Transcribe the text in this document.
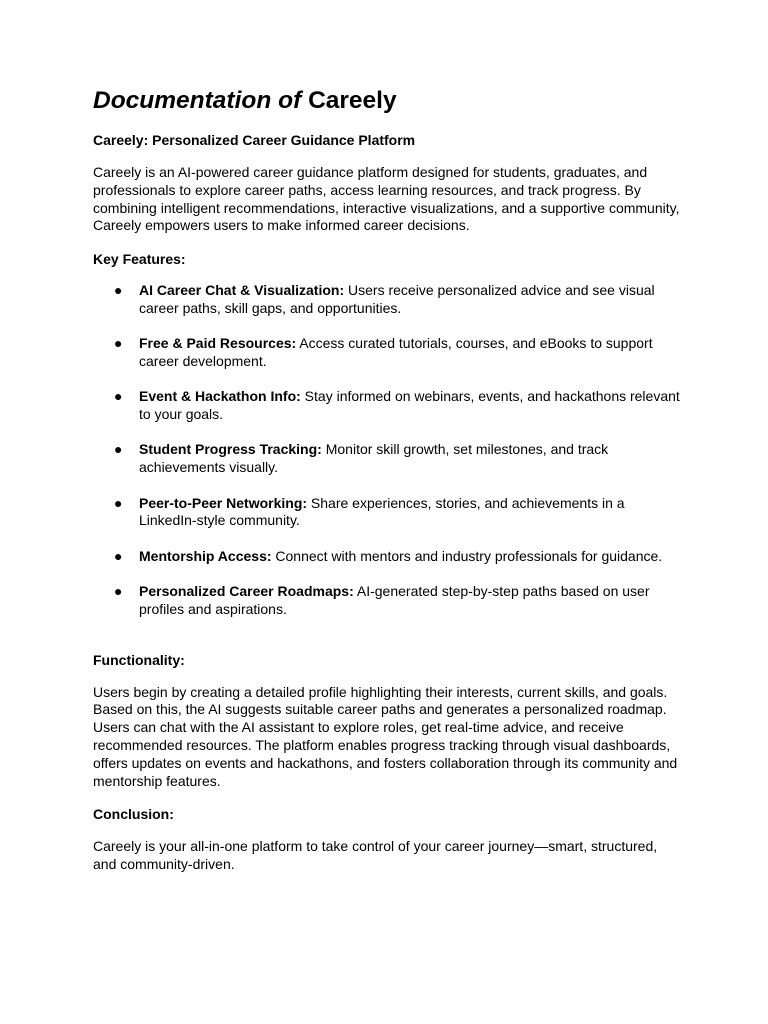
Documentation of Careely

Careely: Personalized Career Guidance Platform

Careely is an AI-powered career guidance platform designed for students, graduates, and professionals to explore career paths, access learning resources, and track progress. By combining intelligent recommendations, interactive visualizations, and a supportive community, Careely empowers users to make informed career decisions.

Key Features:

● AI Career Chat & Visualization: Users receive personalized advice and see visual career paths, skill gaps, and opportunities.
● Free & Paid Resources: Access curated tutorials, courses, and eBooks to support career development.
● Event & Hackathon Info: Stay informed on webinars, events, and hackathons relevant to your goals.
● Student Progress Tracking: Monitor skill growth, set milestones, and track achievements visually.
● Peer-to-Peer Networking: Share experiences, stories, and achievements in a LinkedIn-style community.
● Mentorship Access: Connect with mentors and industry professionals for guidance.
● Personalized Career Roadmaps: AI-generated step-by-step paths based on user profiles and aspirations.

Functionality:

Users begin by creating a detailed profile highlighting their interests, current skills, and goals. Based on this, the AI suggests suitable career paths and generates a personalized roadmap. Users can chat with the AI assistant to explore roles, get real-time advice, and receive recommended resources. The platform enables progress tracking through visual dashboards, offers updates on events and hackathons, and fosters collaboration through its community and mentorship features.

Conclusion:

Careely is your all-in-one platform to take control of your career journey—smart, structured, and community-driven.
